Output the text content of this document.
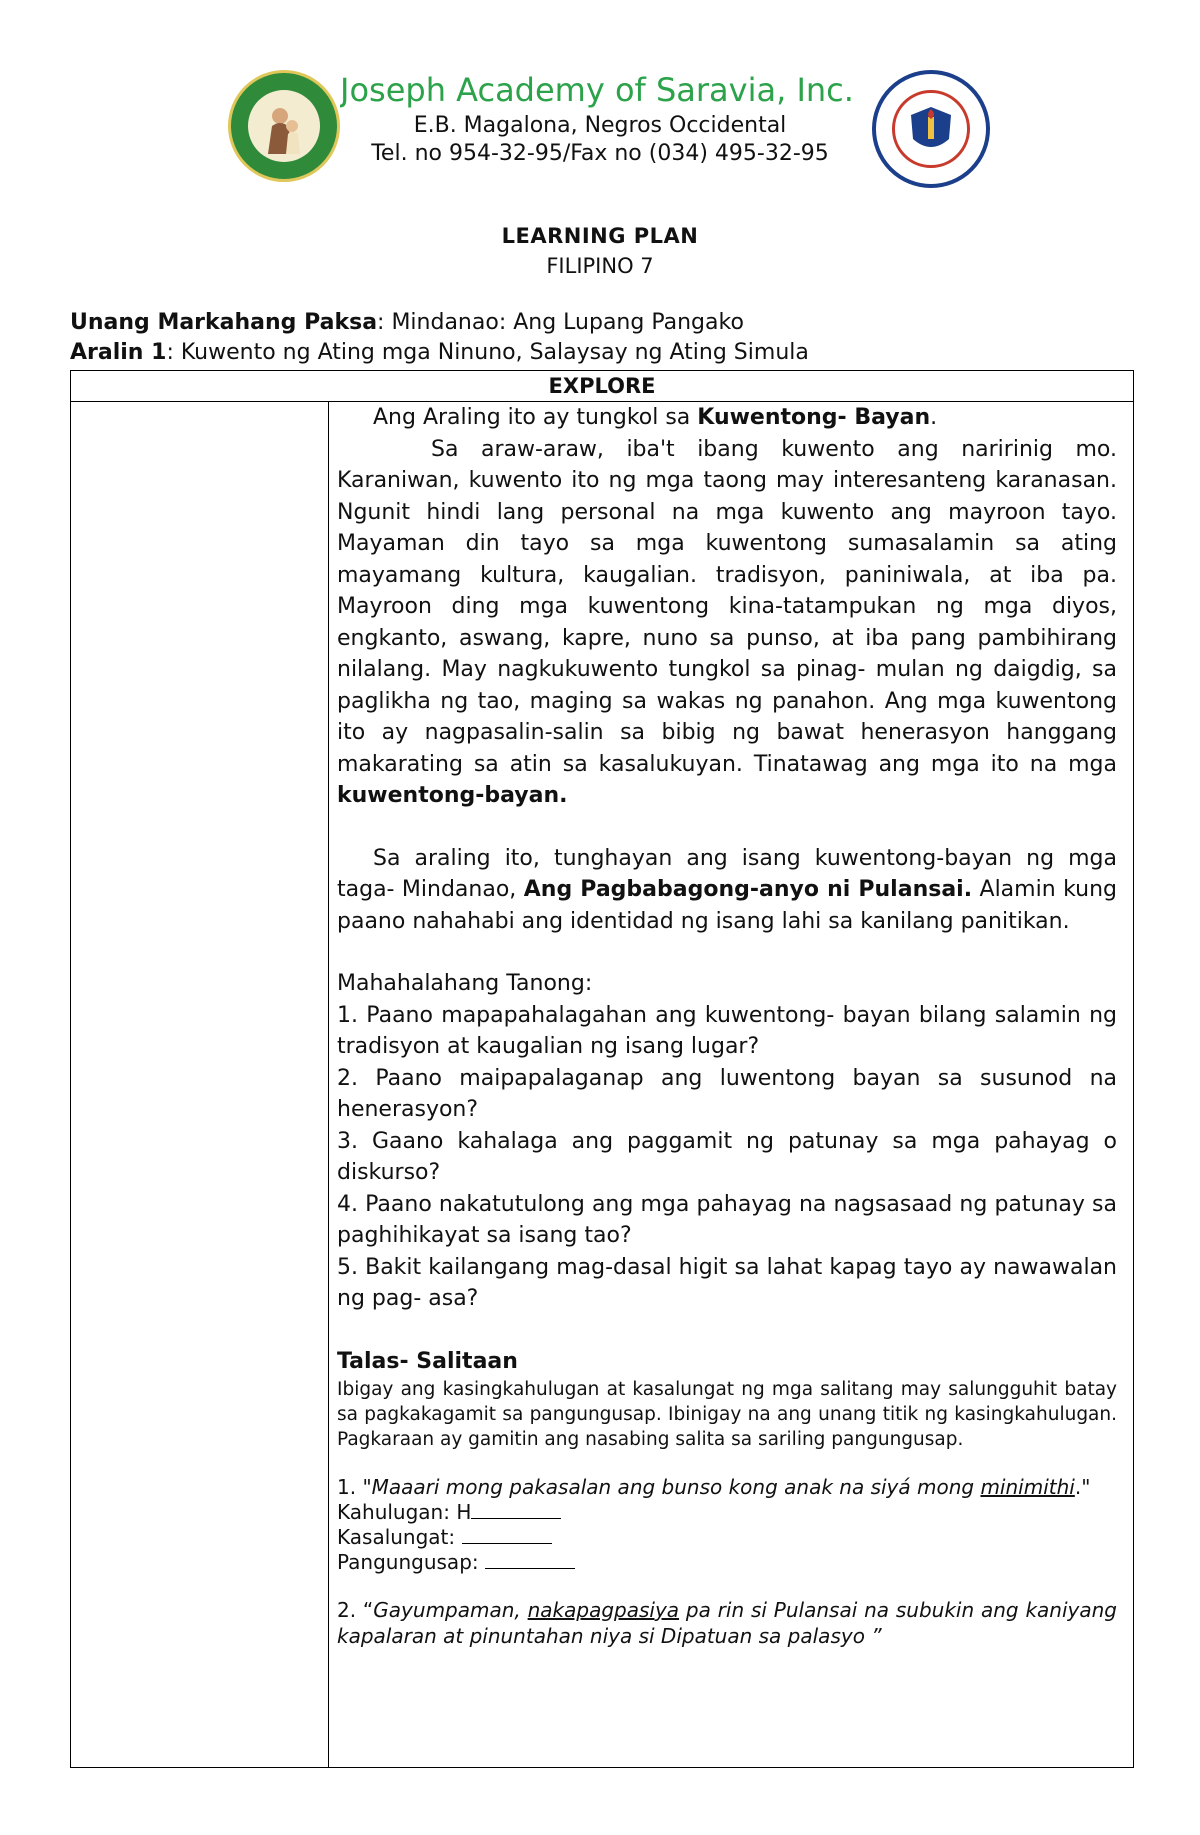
Joseph Academy of Saravia, Inc.
E.B. Magalona, Negros Occidental
Tel. no 954-32-95/Fax no (034) 495-32-95
LEARNING PLAN
FILIPINO 7
Unang Markahang Paksa: Mindanao: Ang Lupang Pangako
Aralin 1: Kuwento ng Ating mga Ninuno, Salaysay ng Ating Simula
EXPLORE

Ang Araling ito ay tungkol sa Kuwentong- Bayan.

Sa araw-araw, iba't ibang kuwento ang naririnig mo. Karaniwan, kuwento ito ng mga taong may interesanteng karanasan. Ngunit hindi lang personal na mga kuwento ang mayroon tayo. Mayaman din tayo sa mga kuwentong sumasalamin sa ating mayamang kultura, kaugalian. tradisyon, paniniwala, at iba pa. Mayroon ding mga kuwentong kina-tatampukan ng mga diyos, engkanto, aswang, kapre, nuno sa punso, at iba pang pambihirang nilalang. May nagkukuwento tungkol sa pinag- mulan ng daigdig, sa paglikha ng tao, maging sa wakas ng panahon. Ang mga kuwentong ito ay nagpasalin-salin sa bibig ng bawat henerasyon hanggang makarating sa atin sa kasalukuyan. Tinatawag ang mga ito na mga kuwentong-bayan.

Sa araling ito, tunghayan ang isang kuwentong-bayan ng mga taga- Mindanao, Ang Pagbabagong-anyo ni Pulansai. Alamin kung paano nahahabi ang identidad ng isang lahi sa kanilang panitikan.

Mahahalahang Tanong:

1. Paano mapapahalagahan ang kuwentong- bayan bilang salamin ng tradisyon at kaugalian ng isang lugar?

2. Paano maipapalaganap ang luwentong bayan sa susunod na henerasyon?

3. Gaano kahalaga ang paggamit ng patunay sa mga pahayag o diskurso?

4. Paano nakatutulong ang mga pahayag na nagsasaad ng patunay sa paghihikayat sa isang tao?

5. Bakit kailangang mag-dasal higit sa lahat kapag tayo ay nawawalan ng pag- asa?

Talas- Salitaan

Ibigay ang kasingkahulugan at kasalungat ng mga salitang may salungguhit batay sa pagkakagamit sa pangungusap. Ibinigay na ang unang titik ng kasingkahulugan. Pagkaraan ay gamitin ang nasabing salita sa sariling pangungusap.

1. "Maaari mong pakasalan ang bunso kong anak na siyá mong minimithi."

Kahulugan: H

Kasalungat:

Pangungusap:

2. “Gayumpaman, nakapagpasiya pa rin si Pulansai na subukin ang kaniyang kapalaran at pinuntahan niya si Dipatuan sa palasyo ”
